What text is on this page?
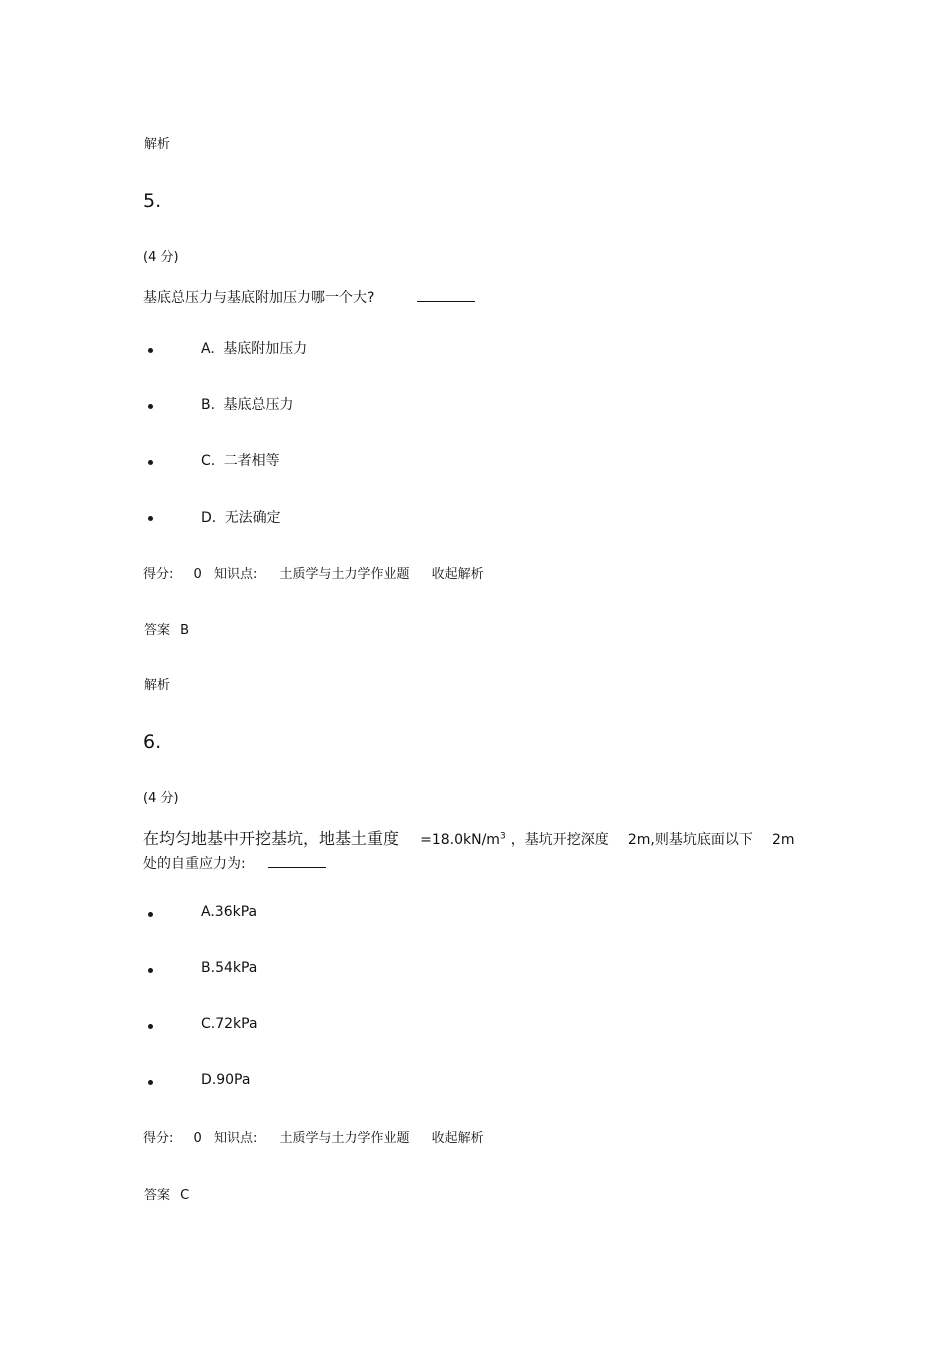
解析
5.
(4 分)
基底总压力与基底附加压力哪一个大?
A. 基底附加压力
B. 基底总压力
C. 二者相等
D. 无法确定
得分: 0 知识点: 土质学与土力学作业题 收起解析
答案 B
解析
6.
(4 分)
在均匀地基中开挖基坑，地基土重度 $=18.0kN/m^3$ ，基坑开挖深度 2m,则基坑底面以下 2m
处的自重应力为:
A.36kPa
B.54kPa
C.72kPa
D.90Pa
得分: 0 知识点: 土质学与土力学作业题 收起解析
答案 C
